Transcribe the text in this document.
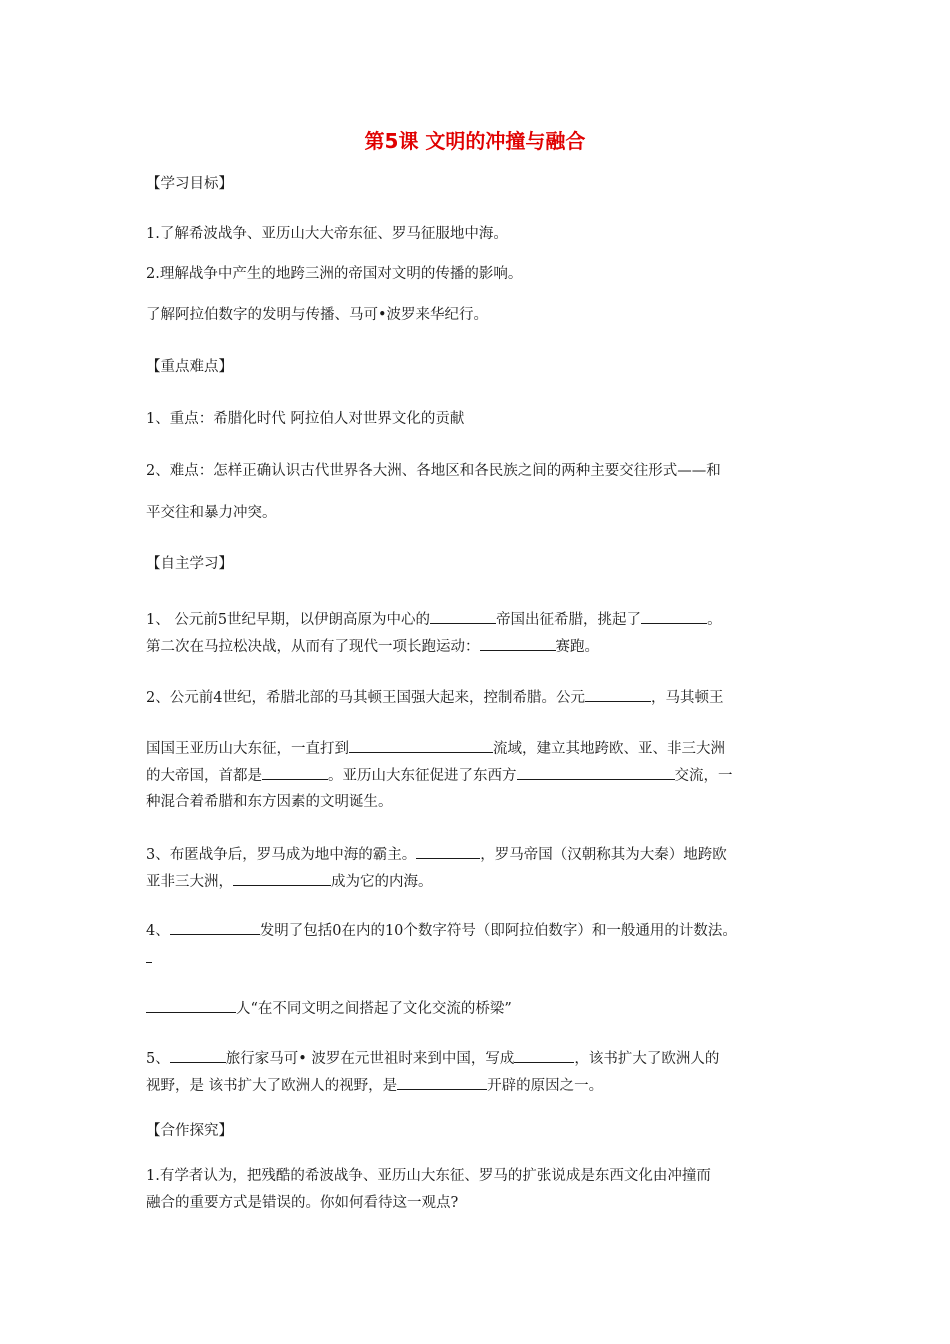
第5课 文明的冲撞与融合
【学习目标】
1.了解希波战争、亚历山大大帝东征、罗马征服地中海。
2.理解战争中产生的地跨三洲的帝国对文明的传播的影响。
了解阿拉伯数字的发明与传播、马可•波罗来华纪行。
【重点难点】
1、重点：希腊化时代 阿拉伯人对世界文化的贡献
2、难点：怎样正确认识古代世界各大洲、各地区和各民族之间的两种主要交往形式——和
平交往和暴力冲突。
【自主学习】
1、 公元前5世纪早期，以伊朗高原为中心的	帝国出征希腊，挑起了	。
第二次在马拉松决战，从而有了现代一项长跑运动：	赛跑。
2、公元前4世纪，希腊北部的马其顿王国强大起来，控制希腊。公元	，马其顿王
国国王亚历山大东征，一直打到	流域，建立其地跨欧、亚、非三大洲
的大帝国，首都是	。亚历山大东征促进了东西方	交流，一
种混合着希腊和东方因素的文明诞生。
3、布匿战争后，罗马成为地中海的霸主。	，罗马帝国（汉朝称其为大秦）地跨欧
亚非三大洲，	成为它的内海。
4、	发明了包括0在内的10个数字符号（即阿拉伯数字）和一般通用的计数法。
人“在不同文明之间搭起了文化交流的桥梁”
5、	旅行家马可• 波罗在元世祖时来到中国，写成	，该书扩大了欧洲人的
视野，是 该书扩大了欧洲人的视野，是	开辟的原因之一。
【合作探究】
1.有学者认为，把残酷的希波战争、亚历山大东征、罗马的扩张说成是东西文化由冲撞而
融合的重要方式是错误的。你如何看待这一观点?
